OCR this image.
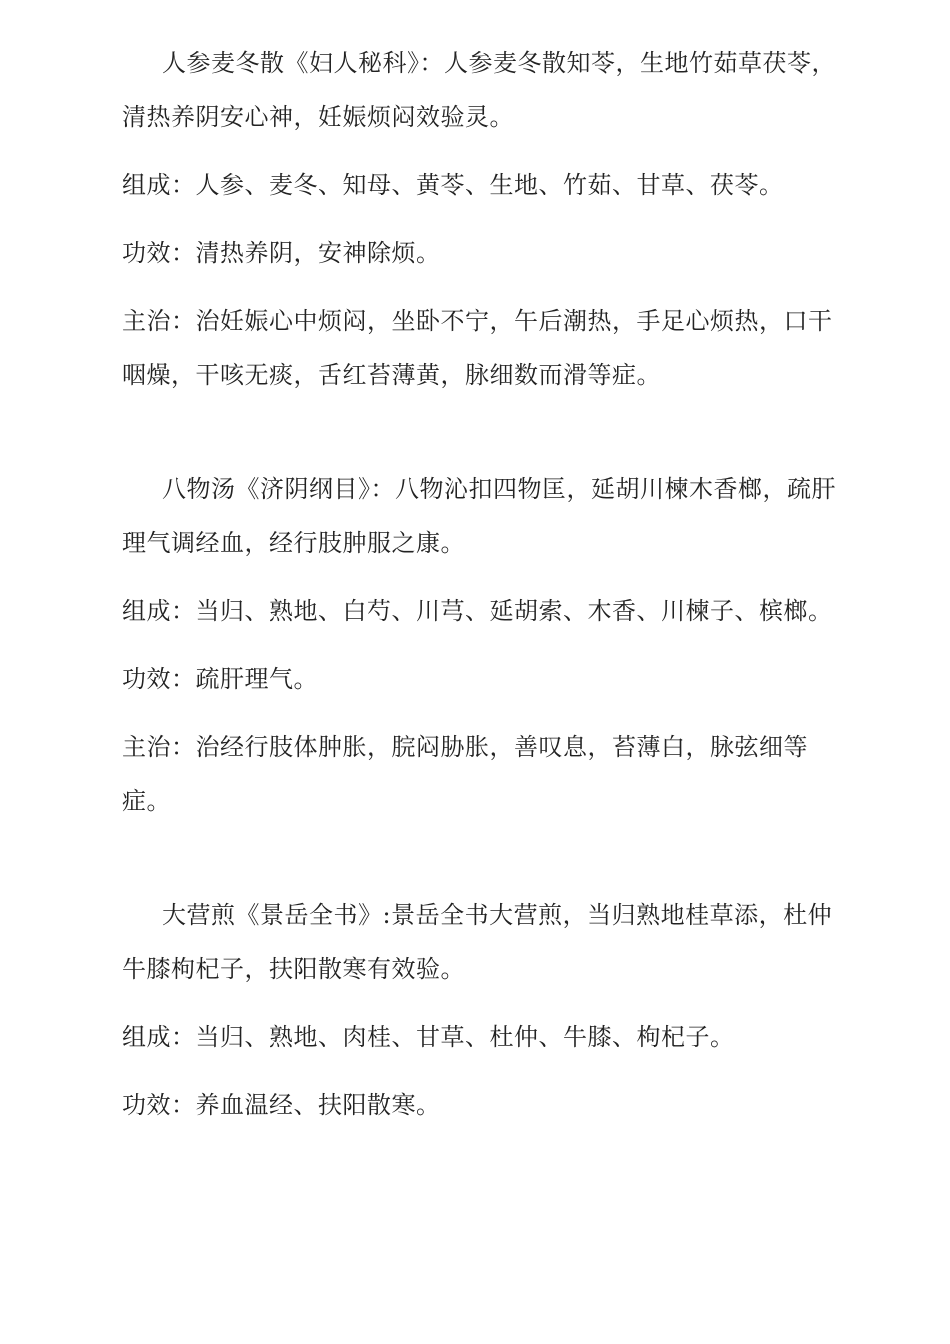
人参麦冬散《妇人秘科》：人参麦冬散知苓，生地竹茹草茯苓，清热养阴安心神，妊娠烦闷效验灵。

组成：人参、麦冬、知母、黄苓、生地、竹茹、甘草、茯苓。

功效：清热养阴，安神除烦。

主治：治妊娠心中烦闷，坐卧不宁，午后潮热，手足心烦热，口干咽燥，干咳无痰，舌红苔薄黄，脉细数而滑等症。

八物汤《济阴纲目》：八物沁扣四物匡，延胡川楝木香榔，疏肝理气调经血，经行肢肿服之康。

组成：当归、熟地、白芍、川芎、延胡索、木香、川楝子、槟榔。

功效：疏肝理气。

主治：治经行肢体肿胀，脘闷胁胀，善叹息，苔薄白，脉弦细等症。

大营煎《景岳全书》:景岳全书大营煎，当归熟地桂草添，杜仲牛膝枸杞子，扶阳散寒有效验。

组成：当归、熟地、肉桂、甘草、杜仲、牛膝、枸杞子。

功效：养血温经、扶阳散寒。
